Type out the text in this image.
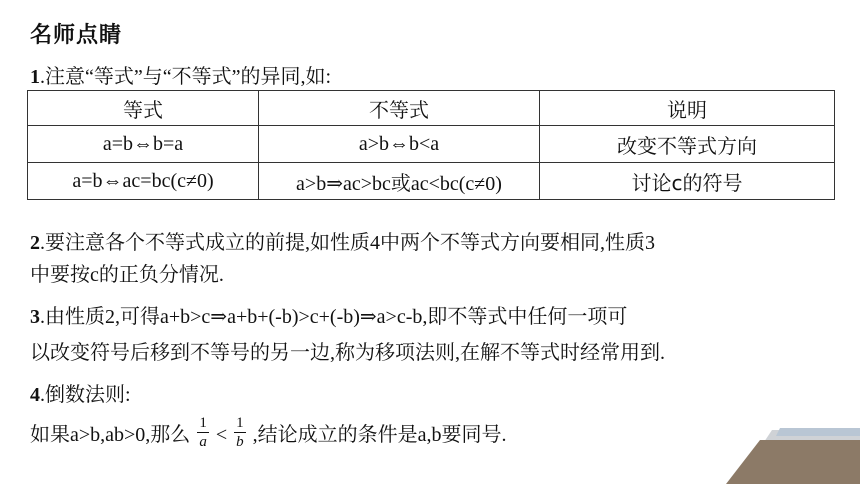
名师点睛
1.注意“等式”与“不等式”的异同,如:
等式	不等式	说明
a=b⇔b=a	a>b⇔b<a	改变不等式方向
a=b⇔ac=bc(c≠0)	a>b⇒ac>bc或ac<bc(c≠0)	讨论c的符号
2.要注意各个不等式成立的前提,如性质4中两个不等式方向要相同,性质3
中要按c的正负分情况.
3.由性质2,可得a+b>c⇒a+b+(-b)>c+(-b)⇒a>c-b,即不等式中任何一项可
以改变符号后移到不等号的另一边,称为移项法则,在解不等式时经常用到.
4.倒数法则:
如果a>b,ab>0,那么 $\frac{1}{a} < \frac{1}{b}$ ,结论成立的条件是a,b要同号.
